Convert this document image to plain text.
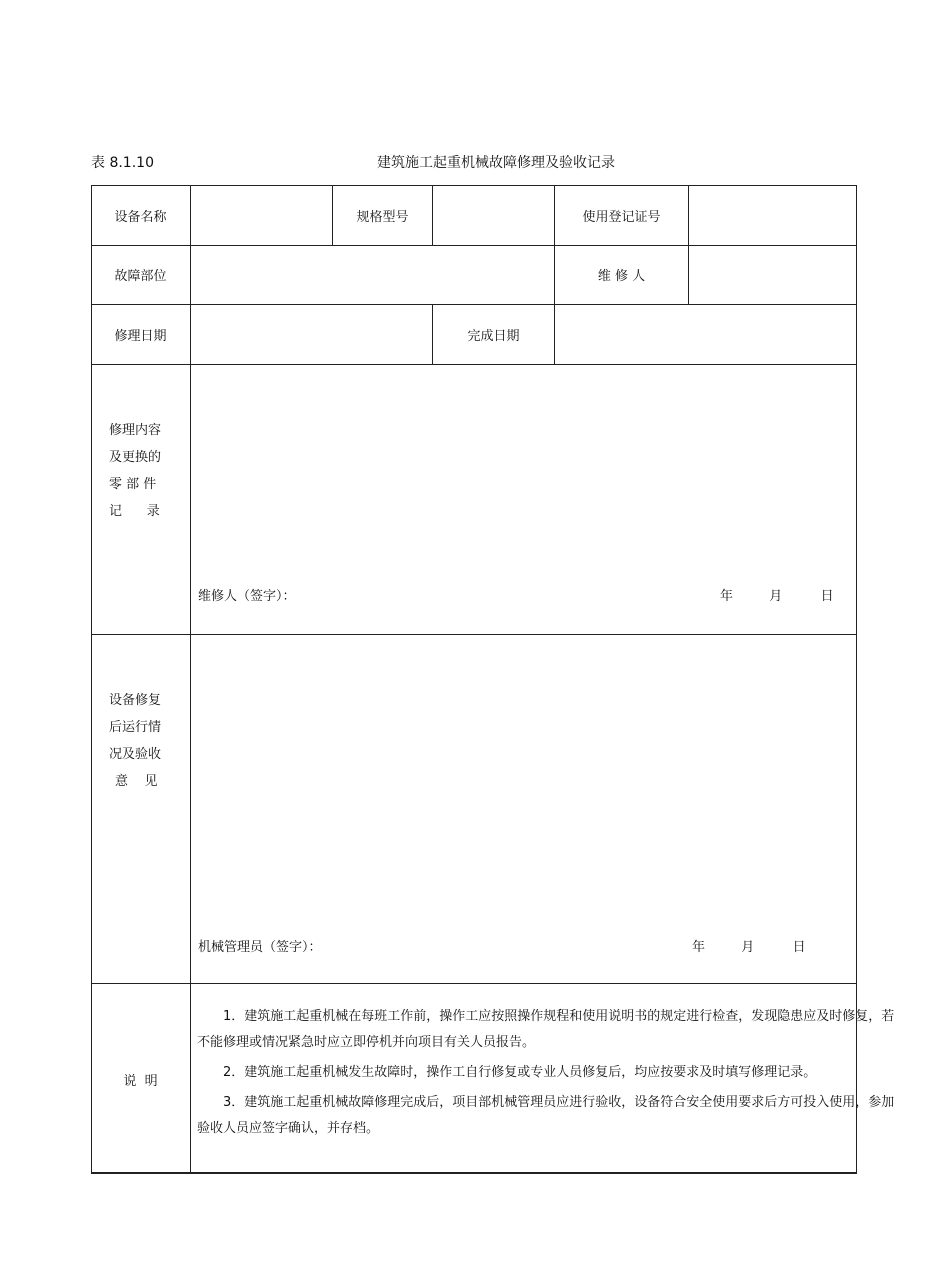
表 8.1.10	建筑施工起重机械故障修理及验收记录
设备名称	规格型号	使用登记证号
故障部位	维 修 人
修理日期	完成日期
修理内容
及更换的
零 部 件
记      录
维修人（签字）：	年	月	日
设备修复
后运行情
况及验收
意    见
机械管理员（签字）：	年	月	日
说  明

1．建筑施工起重机械在每班工作前，操作工应按照操作规程和使用说明书的规定进行检查，发现隐患应及时修复，若不能修理或情况紧急时应立即停机并向项目有关人员报告。

2．建筑施工起重机械发生故障时，操作工自行修复或专业人员修复后，均应按要求及时填写修理记录。

3．建筑施工起重机械故障修理完成后，项目部机械管理员应进行验收，设备符合安全使用要求后方可投入使用，参加验收人员应签字确认，并存档。
